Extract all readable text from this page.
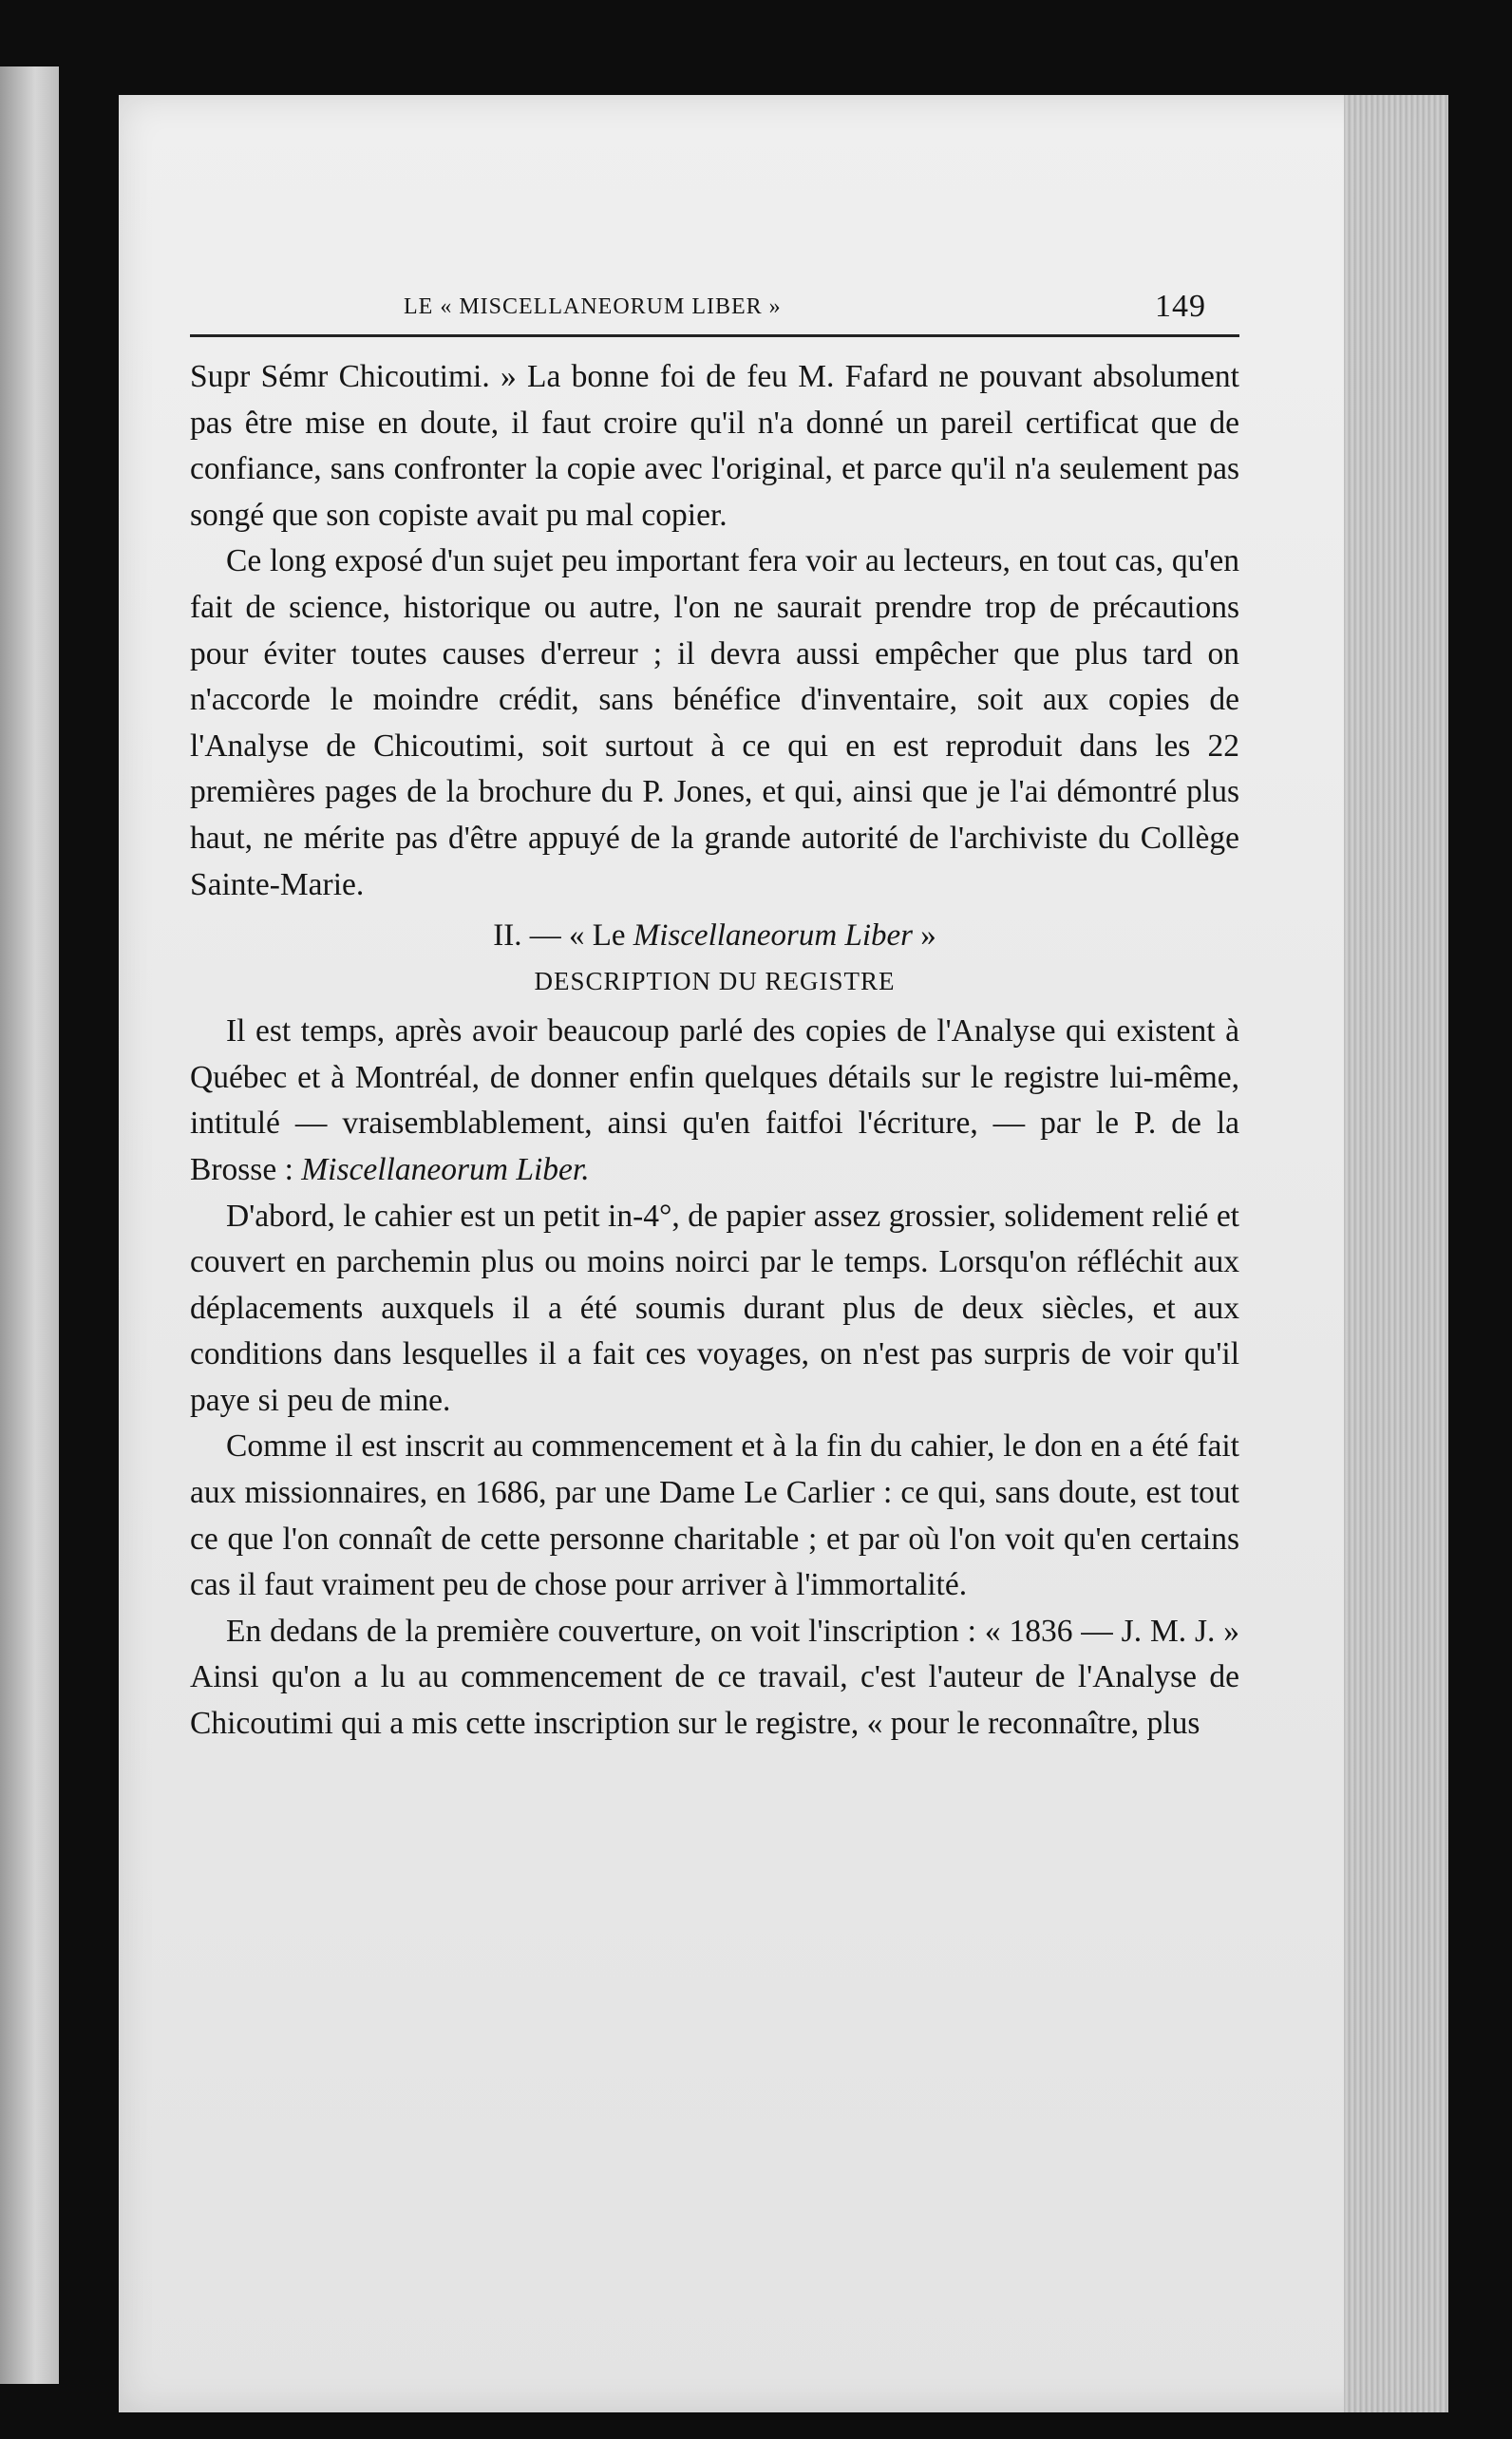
LE « MISCELLANEORUM LIBER »	149

Supr Sémr Chicoutimi. » La bonne foi de feu M. Fafard ne pouvant absolument pas être mise en doute, il faut croire qu'il n'a donné un pareil certificat que de confiance, sans confronter la copie avec l'original, et parce qu'il n'a seulement pas songé que son copiste avait pu mal copier.

Ce long exposé d'un sujet peu important fera voir au lecteurs, en tout cas, qu'en fait de science, historique ou autre, l'on ne saurait prendre trop de précautions pour éviter toutes causes d'erreur ; il devra aussi empêcher que plus tard on n'accorde le moindre crédit, sans bénéfice d'inventaire, soit aux copies de l'Analyse de Chicoutimi, soit surtout à ce qui en est reproduit dans les 22 premières pages de la brochure du P. Jones, et qui, ainsi que je l'ai démontré plus haut, ne mérite pas d'être appuyé de la grande autorité de l'archiviste du Collège Sainte-Marie.

II. — « Le Miscellaneorum Liber »
DESCRIPTION DU REGISTRE

Il est temps, après avoir beaucoup parlé des copies de l'Analyse qui existent à Québec et à Montréal, de donner enfin quelques détails sur le registre lui-même, intitulé — vraisemblablement, ainsi qu'en faitfoi l'écriture, — par le P. de la Brosse : Miscellaneorum Liber.

D'abord, le cahier est un petit in-4°, de papier assez grossier, solidement relié et couvert en parchemin plus ou moins noirci par le temps. Lorsqu'on réfléchit aux déplacements auxquels il a été soumis durant plus de deux siècles, et aux conditions dans lesquelles il a fait ces voyages, on n'est pas surpris de voir qu'il paye si peu de mine.

Comme il est inscrit au commencement et à la fin du cahier, le don en a été fait aux missionnaires, en 1686, par une Dame Le Carlier : ce qui, sans doute, est tout ce que l'on connaît de cette personne charitable ; et par où l'on voit qu'en certains cas il faut vraiment peu de chose pour arriver à l'immortalité.

En dedans de la première couverture, on voit l'inscription : « 1836 — J. M. J. » Ainsi qu'on a lu au commencement de ce travail, c'est l'auteur de l'Analyse de Chicoutimi qui a mis cette inscription sur le registre, « pour le reconnaître, plus
